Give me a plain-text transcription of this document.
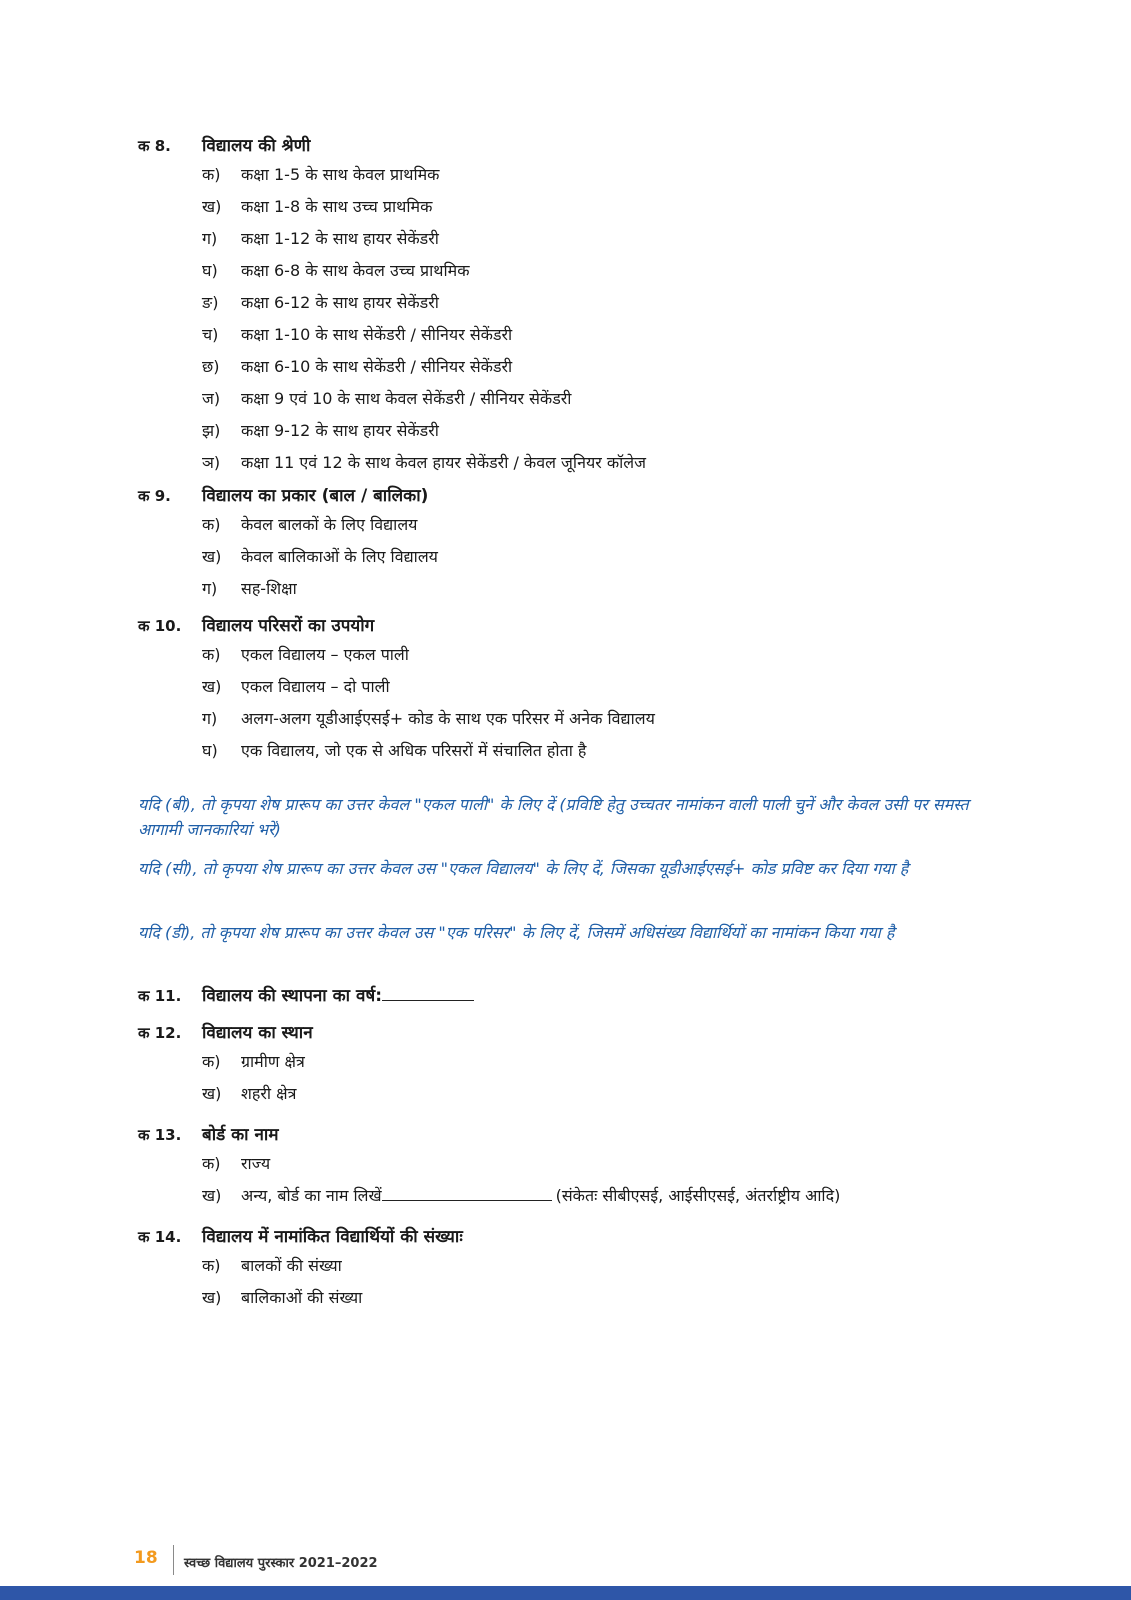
क 8.	विद्यालय की श्रेणी
क)	कक्षा 1-5 के साथ केवल प्राथमिक
ख)	कक्षा 1-8 के साथ उच्च प्राथमिक
ग)	कक्षा 1-12 के साथ हायर सेकेंडरी
घ)	कक्षा 6-8 के साथ केवल उच्च प्राथमिक
ङ)	कक्षा 6-12 के साथ हायर सेकेंडरी
च)	कक्षा 1-10 के साथ सेकेंडरी / सीनियर सेकेंडरी
छ)	कक्षा 6-10 के साथ सेकेंडरी / सीनियर सेकेंडरी
ज)	कक्षा 9 एवं 10 के साथ केवल सेकेंडरी / सीनियर सेकेंडरी
झ)	कक्षा 9-12 के साथ हायर सेकेंडरी
ञ)	कक्षा 11 एवं 12 के साथ केवल हायर सेकेंडरी / केवल जूनियर कॉलेज
क 9.	विद्यालय का प्रकार (बाल / बालिका)
क)	केवल बालकों के लिए विद्यालय
ख)	केवल बालिकाओं के लिए विद्यालय
ग)	सह-शिक्षा
क 10.	विद्यालय परिसरों का उपयोग
क)	एकल विद्यालय – एकल पाली
ख)	एकल विद्यालय – दो पाली
ग)	अलग-अलग यूडीआईएसई+ कोड के साथ एक परिसर में अनेक विद्यालय
घ)	एक विद्यालय, जो एक से अधिक परिसरों में संचालित होता है
यदि (बी), तो कृपया शेष प्रारूप का उत्तर केवल "एकल पाली" के लिए दें (प्रविष्टि हेतु उच्चतर नामांकन वाली पाली चुनें और केवल उसी पर समस्त आगामी जानकारियां भरें)
यदि (सी), तो कृपया शेष प्रारूप का उत्तर केवल उस "एकल विद्यालय" के लिए दें, जिसका यूडीआईएसई+ कोड प्रविष्ट कर दिया गया है
यदि (डी), तो कृपया शेष प्रारूप का उत्तर केवल उस "एक परिसर" के लिए दें, जिसमें अधिसंख्य विद्यार्थियों का नामांकन किया गया है
क 11.	विद्यालय की स्थापना का वर्ष:
क 12.	विद्यालय का स्थान
क)	ग्रामीण क्षेत्र
ख)	शहरी क्षेत्र
क 13.	बोर्ड का नाम
क)	राज्य
ख)	अन्य, बोर्ड का नाम लिखें	(संकेतः सीबीएसई, आईसीएसई, अंतर्राष्ट्रीय आदि)
क 14.	विद्यालय में नामांकित विद्यार्थियों की संख्याः
क)	बालकों की संख्या
ख)	बालिकाओं की संख्या
18 स्वच्छ विद्यालय पुरस्कार 2021–2022
